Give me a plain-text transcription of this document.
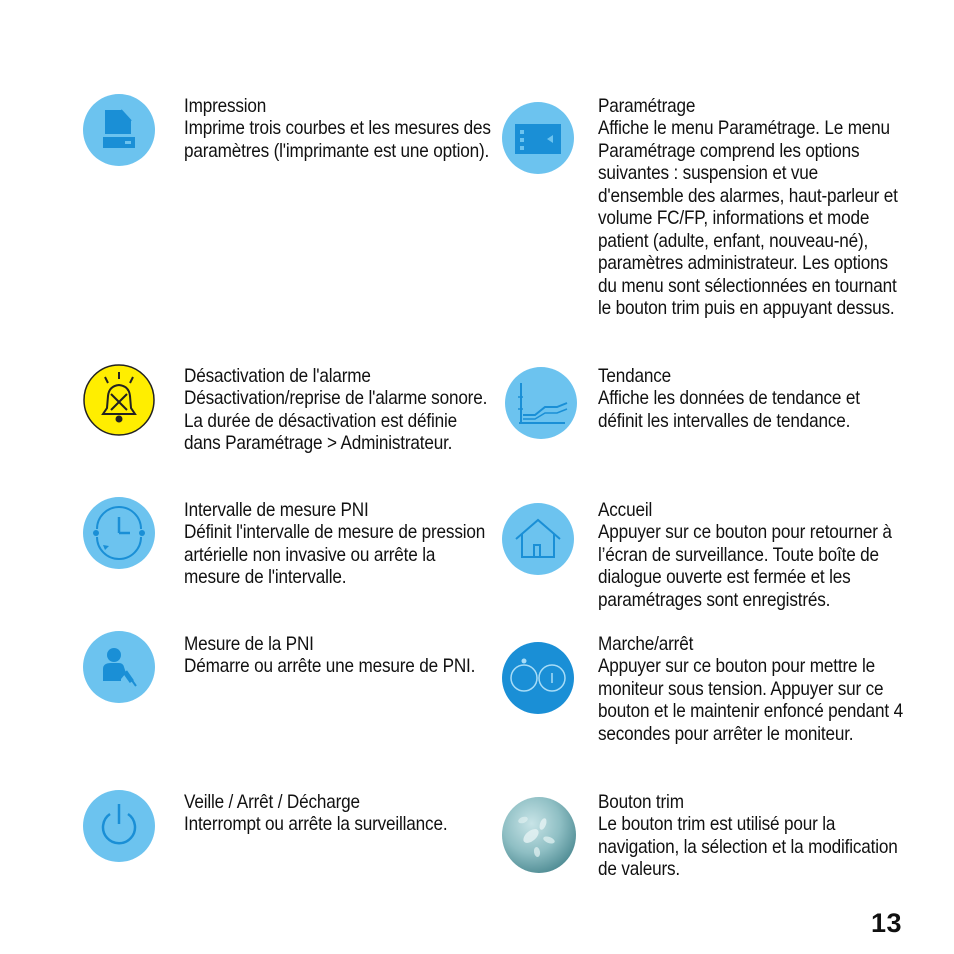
Impression
Imprime trois courbes et les mesures des paramètres (l'imprimante est une option).
Désactivation de l'alarme
Désactivation/reprise de l'alarme sonore. La durée de désactivation est définie dans Paramétrage > Administrateur.
Intervalle de mesure PNI
Définit l'intervalle de mesure de pression artérielle non invasive ou arrête la mesure de l'intervalle.
Mesure de la PNI
Démarre ou arrête une mesure de PNI.
Veille / Arrêt / Décharge
Interrompt ou arrête la surveillance.
Paramétrage
Affiche le menu Paramétrage. Le menu Paramétrage comprend les options suivantes : suspension et vue d'ensemble des alarmes, haut-parleur et volume FC/FP, informations et mode patient (adulte, enfant, nouveau-né), paramètres administrateur. Les options du menu sont sélectionnées en tournant le bouton trim puis en appuyant dessus.
Tendance
Affiche les données de tendance et définit les intervalles de tendance.
Accueil
Appuyer sur ce bouton pour retourner à l’écran de surveillance. Toute boîte de dialogue ouverte est fermée et les paramétrages sont enregistrés.
Marche/arrêt
Appuyer sur ce bouton pour mettre le moniteur sous tension. Appuyer sur ce bouton et le maintenir enfoncé pendant 4 secondes pour arrêter le moniteur.
Bouton trim
Le bouton trim est utilisé pour la navigation, la sélection et la modification de valeurs.
13
